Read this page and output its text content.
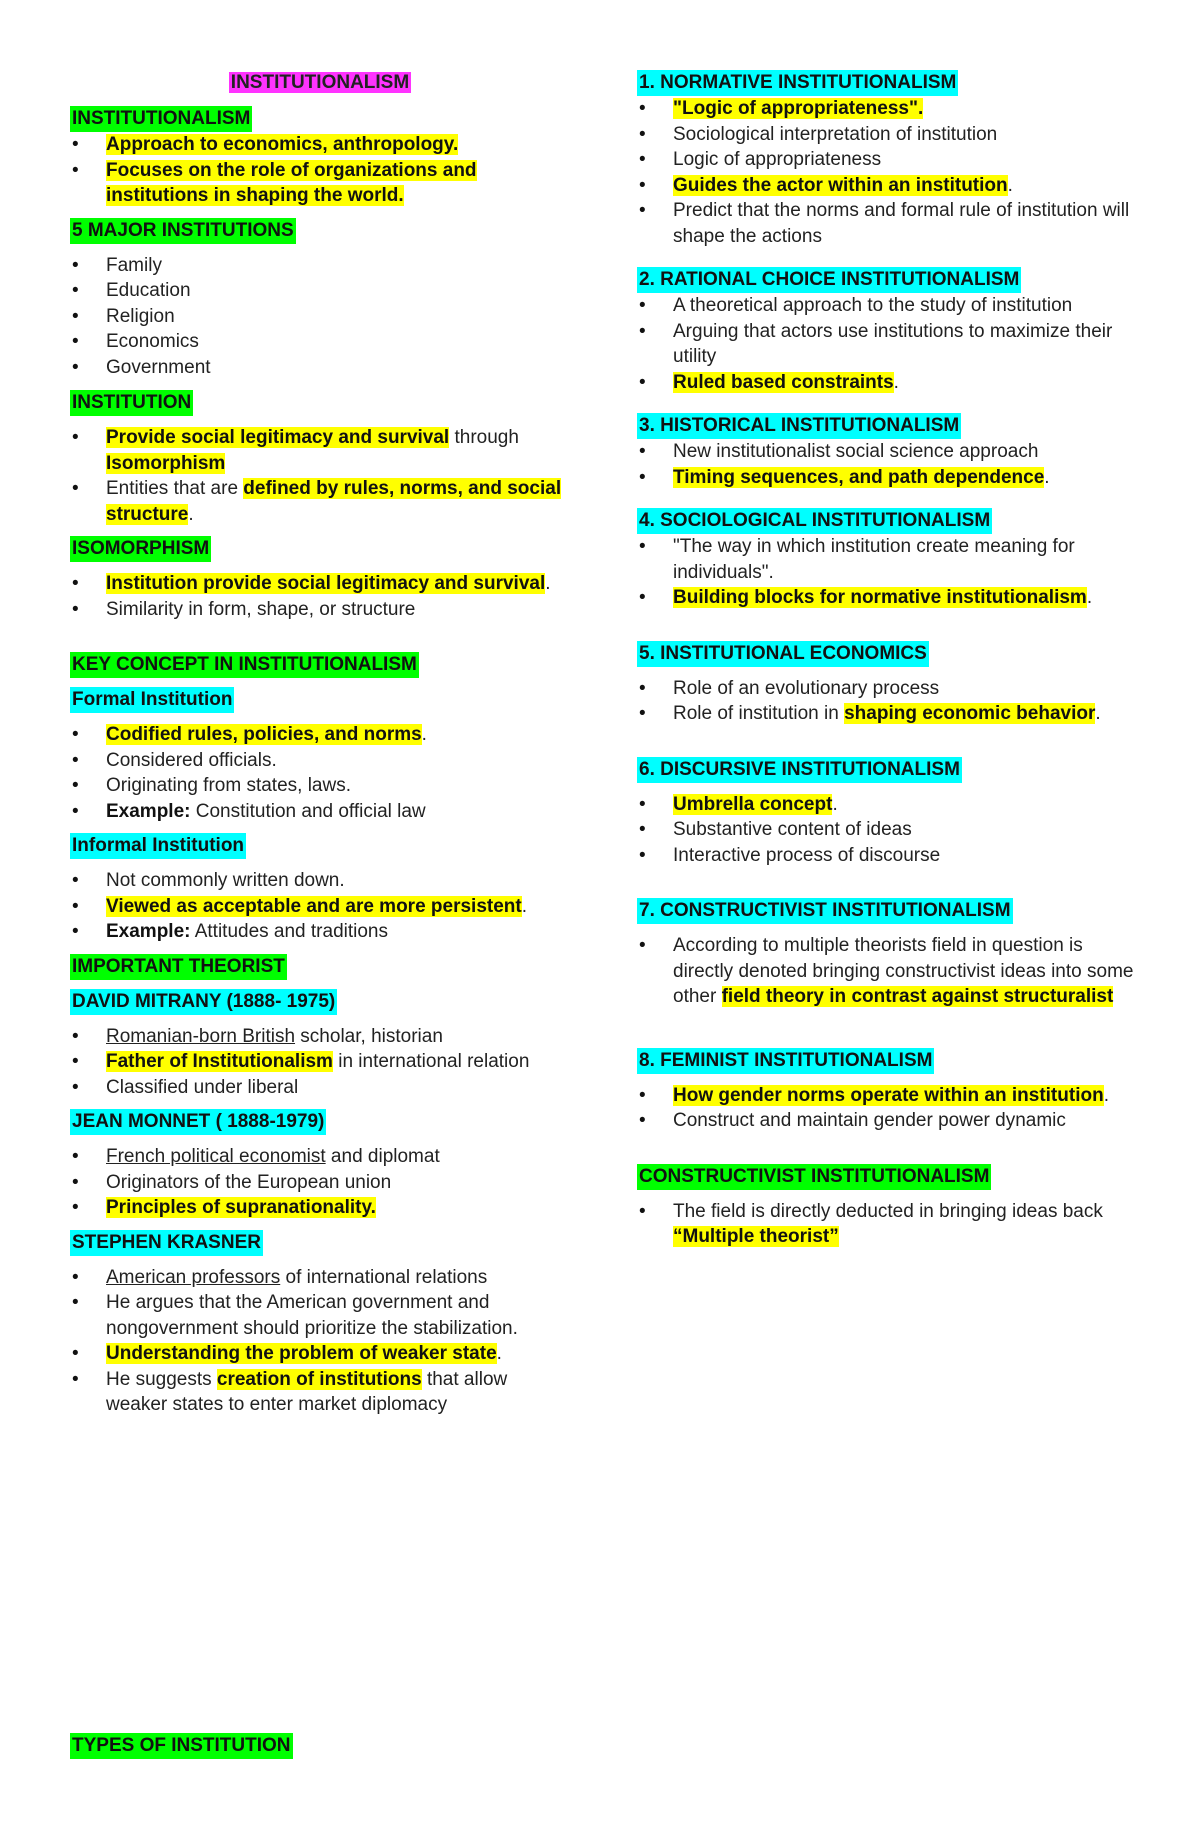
INSTITUTIONALISM
INSTITUTIONALISM
• Approach to economics, anthropology.
• Focuses on the role of organizations and institutions in shaping the world.
5 MAJOR INSTITUTIONS
• Family
• Education
• Religion
• Economics
• Government
INSTITUTION
• Provide social legitimacy and survival through Isomorphism
• Entities that are defined by rules, norms, and social structure.
ISOMORPHISM
• Institution provide social legitimacy and survival.
• Similarity in form, shape, or structure
KEY CONCEPT IN INSTITUTIONALISM
Formal Institution
• Codified rules, policies, and norms.
• Considered officials.
• Originating from states, laws.
• Example: Constitution and official law
Informal Institution
• Not commonly written down.
• Viewed as acceptable and are more persistent.
• Example: Attitudes and traditions
IMPORTANT THEORIST
DAVID MITRANY (1888- 1975)
• Romanian-born British scholar, historian
• Father of Institutionalism in international relation
• Classified under liberal
JEAN MONNET ( 1888-1979)
• French political economist and diplomat
• Originators of the European union
• Principles of supranationality.
STEPHEN KRASNER
• American professors of international relations
• He argues that the American government and nongovernment should prioritize the stabilization.
• Understanding the problem of weaker state.
• He suggests creation of institutions that allow weaker states to enter market diplomacy
TYPES OF INSTITUTION
1. NORMATIVE INSTITUTIONALISM
• "Logic of appropriateness".
• Sociological interpretation of institution
• Logic of appropriateness
• Guides the actor within an institution.
• Predict that the norms and formal rule of institution will shape the actions
2. RATIONAL CHOICE INSTITUTIONALISM
• A theoretical approach to the study of institution
• Arguing that actors use institutions to maximize their utility
• Ruled based constraints.
3. HISTORICAL INSTITUTIONALISM
• New institutionalist social science approach
• Timing sequences, and path dependence.
4. SOCIOLOGICAL INSTITUTIONALISM
• "The way in which institution create meaning for individuals".
• Building blocks for normative institutionalism.
5. INSTITUTIONAL ECONOMICS
• Role of an evolutionary process
• Role of institution in shaping economic behavior.
6. DISCURSIVE INSTITUTIONALISM
• Umbrella concept.
• Substantive content of ideas
• Interactive process of discourse
7. CONSTRUCTIVIST INSTITUTIONALISM
• According to multiple theorists field in question is directly denoted bringing constructivist ideas into some other field theory in contrast against structuralist
8. FEMINIST INSTITUTIONALISM
• How gender norms operate within an institution.
• Construct and maintain gender power dynamic
CONSTRUCTIVIST INSTITUTIONALISM
• The field is directly deducted in bringing ideas back “Multiple theorist”
